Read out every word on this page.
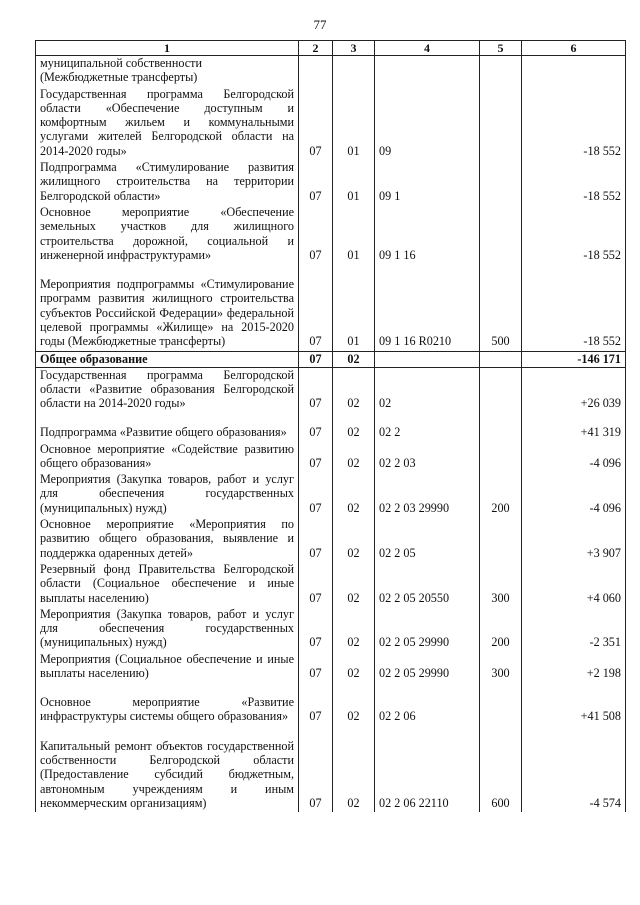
77
1	2	3	4	5	6

муниципальной собственности
(Межбюджетные трансферты)					

Государственная программа Белгородской области «Обеспечение доступным и комфортным жильем и коммунальными услугами жителей Белгородской области на 2014-2020 годы»	07	01	09		-18 552

Подпрограмма «Стимулирование развития жилищного строительства на территории Белгородской области»	07	01	09 1		-18 552

Основное мероприятие «Обеспечение земельных участков для жилищного строительства дорожной, социальной и инженерной инфраструктурами»	07	01	09 1 16		-18 552

Мероприятия подпрограммы «Стимулирование программ развития жилищного строительства субъектов Российской Федерации» федеральной целевой программы «Жилище» на 2015-2020 годы (Межбюджетные трансферты)	07	01	09 1 16 R0210	500	-18 552

Общее образование	07	02			-146 171

Государственная программа Белгородской области «Развитие образования Белгородской области на 2014-2020 годы»	07	02	02		+26 039

Подпрограмма «Развитие общего образования»	07	02	02 2		+41 319

Основное мероприятие «Содействие развитию общего образования»	07	02	02 2 03		-4 096

Мероприятия (Закупка товаров, работ и услуг для обеспечения государственных (муниципальных) нужд)	07	02	02 2 03 29990	200	-4 096

Основное мероприятие «Мероприятия по развитию общего образования, выявление и поддержка одаренных детей»	07	02	02 2 05		+3 907

Резервный фонд Правительства Белгородской области (Социальное обеспечение и иные выплаты населению)	07	02	02 2 05 20550	300	+4 060

Мероприятия (Закупка товаров, работ и услуг для обеспечения государственных (муниципальных) нужд)	07	02	02 2 05 29990	200	-2 351

Мероприятия (Социальное обеспечение и иные выплаты населению)	07	02	02 2 05 29990	300	+2 198

Основное мероприятие «Развитие инфраструктуры системы общего образования»	07	02	02 2 06		+41 508

Капитальный ремонт объектов государственной собственности Белгородской области (Предоставление субсидий бюджетным, автономным учреждениям и иным некоммерческим организациям)	07	02	02 2 06 22110	600	-4 574
